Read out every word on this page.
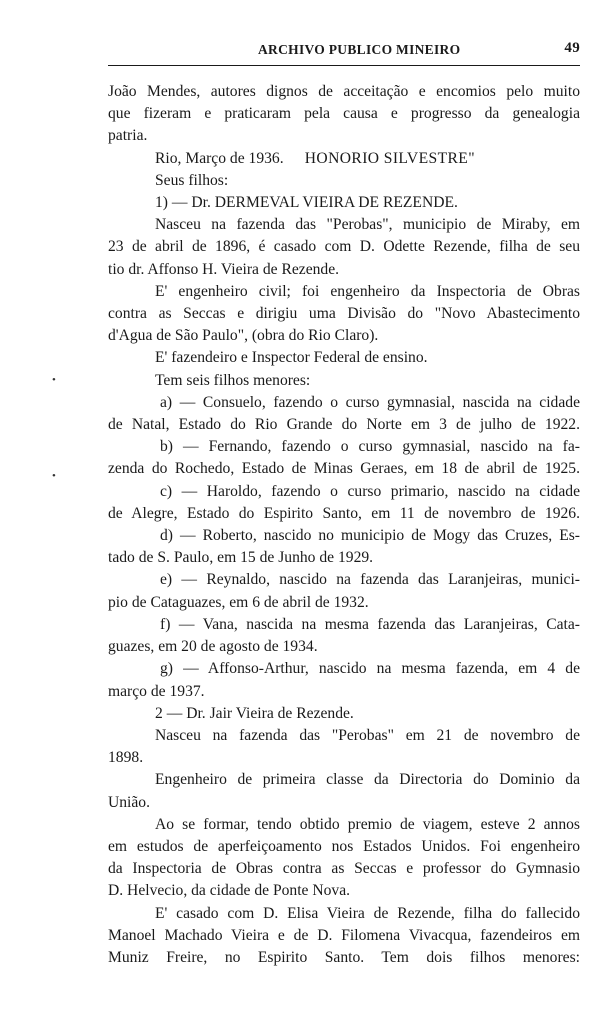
ARCHIVO PUBLICO MINEIRO	49
•
•

João Mendes, autores dignos de acceitação e encomios pelo muito

que fizeram e praticaram pela causa e progresso da genealogia

patria.

Rio, Março de 1936.	HONORIO SILVESTRE"

Seus filhos:

1) — Dr. DERMEVAL VIEIRA DE REZENDE.

Nasceu na fazenda das "Perobas", municipio de Miraby, em

23 de abril de 1896, é casado com D. Odette Rezende, filha de seu

tio dr. Affonso H. Vieira de Rezende.

E' engenheiro civil; foi engenheiro da Inspectoria de Obras

contra as Seccas e dirigiu uma Divisão do "Novo Abastecimento

d'Agua de São Paulo", (obra do Rio Claro).

E' fazendeiro e Inspector Federal de ensino.

Tem seis filhos menores:

a) — Consuelo, fazendo o curso gymnasial, nascida na cidade

de Natal, Estado do Rio Grande do Norte em 3 de julho de 1922.

b) — Fernando, fazendo o curso gymnasial, nascido na fa-

zenda do Rochedo, Estado de Minas Geraes, em 18 de abril de 1925.

c) — Haroldo, fazendo o curso primario, nascido na cidade

de Alegre, Estado do Espirito Santo, em 11 de novembro de 1926.

d) — Roberto, nascido no municipio de Mogy das Cruzes, Es-

tado de S. Paulo, em 15 de Junho de 1929.

e) — Reynaldo, nascido na fazenda das Laranjeiras, munici-

pio de Cataguazes, em 6 de abril de 1932.

f) — Vana, nascida na mesma fazenda das Laranjeiras, Cata-

guazes, em 20 de agosto de 1934.

g) — Affonso-Arthur, nascido na mesma fazenda, em 4 de

março de 1937.

2 — Dr. Jair Vieira de Rezende.

Nasceu na fazenda das "Perobas" em 21 de novembro de

1898.

Engenheiro de primeira classe da Directoria do Dominio da

União.

Ao se formar, tendo obtido premio de viagem, esteve 2 annos

em estudos de aperfeiçoamento nos Estados Unidos. Foi engenheiro

da Inspectoria de Obras contra as Seccas e professor do Gymnasio

D. Helvecio, da cidade de Ponte Nova.

E' casado com D. Elisa Vieira de Rezende, filha do fallecido

Manoel Machado Vieira e de D. Filomena Vivacqua, fazendeiros em

Muniz Freire, no Espirito Santo. Tem dois filhos menores:
